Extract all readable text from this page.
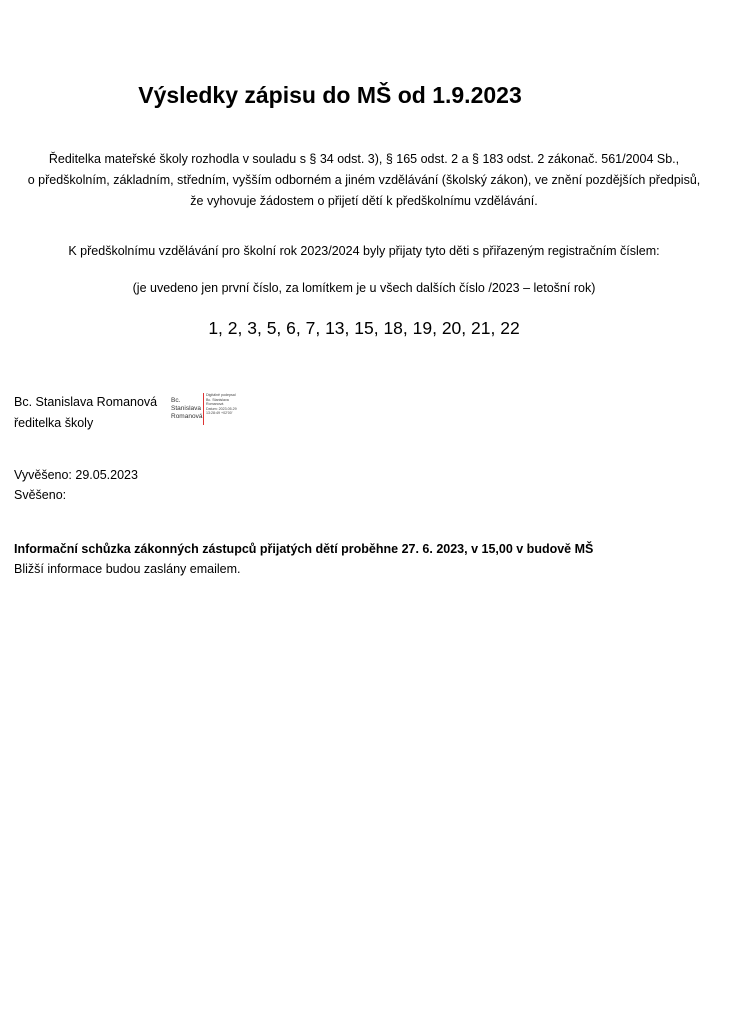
Výsledky zápisu do MŠ od 1.9.2023
Ředitelka mateřské školy rozhodla v souladu s § 34 odst. 3), § 165 odst. 2 a § 183 odst. 2 zákonač. 561/2004 Sb.,
o předškolním, základním, středním, vyšším odborném a jiném vzdělávání (školský zákon), ve znění pozdějších předpisů,
že vyhovuje žádostem o přijetí dětí k předškolnímu vzdělávání.
K předškolnímu vzdělávání pro školní rok 2023/2024 byly přijaty tyto děti s přiřazeným registračním číslem:
(je uvedeno jen první číslo, za lomítkem je u všech dalších číslo /2023 – letošní rok)
1, 2, 3, 5, 6, 7, 13, 15, 18, 19, 20, 21, 22
Bc. Stanislava Romanová
ředitelka školy
Bc.
Stanislava
Romanová
Digitálně podepsal
Bc. Stanislava
Romanová
Datum: 2023.05.29
13:28:49 +02'00'
Vyvěšeno: 29.05.2023
Svěšeno:
Informační schůzka zákonných zástupců přijatých dětí proběhne 27. 6. 2023, v 15,00 v budově MŠ
Bližší informace budou zaslány emailem.
